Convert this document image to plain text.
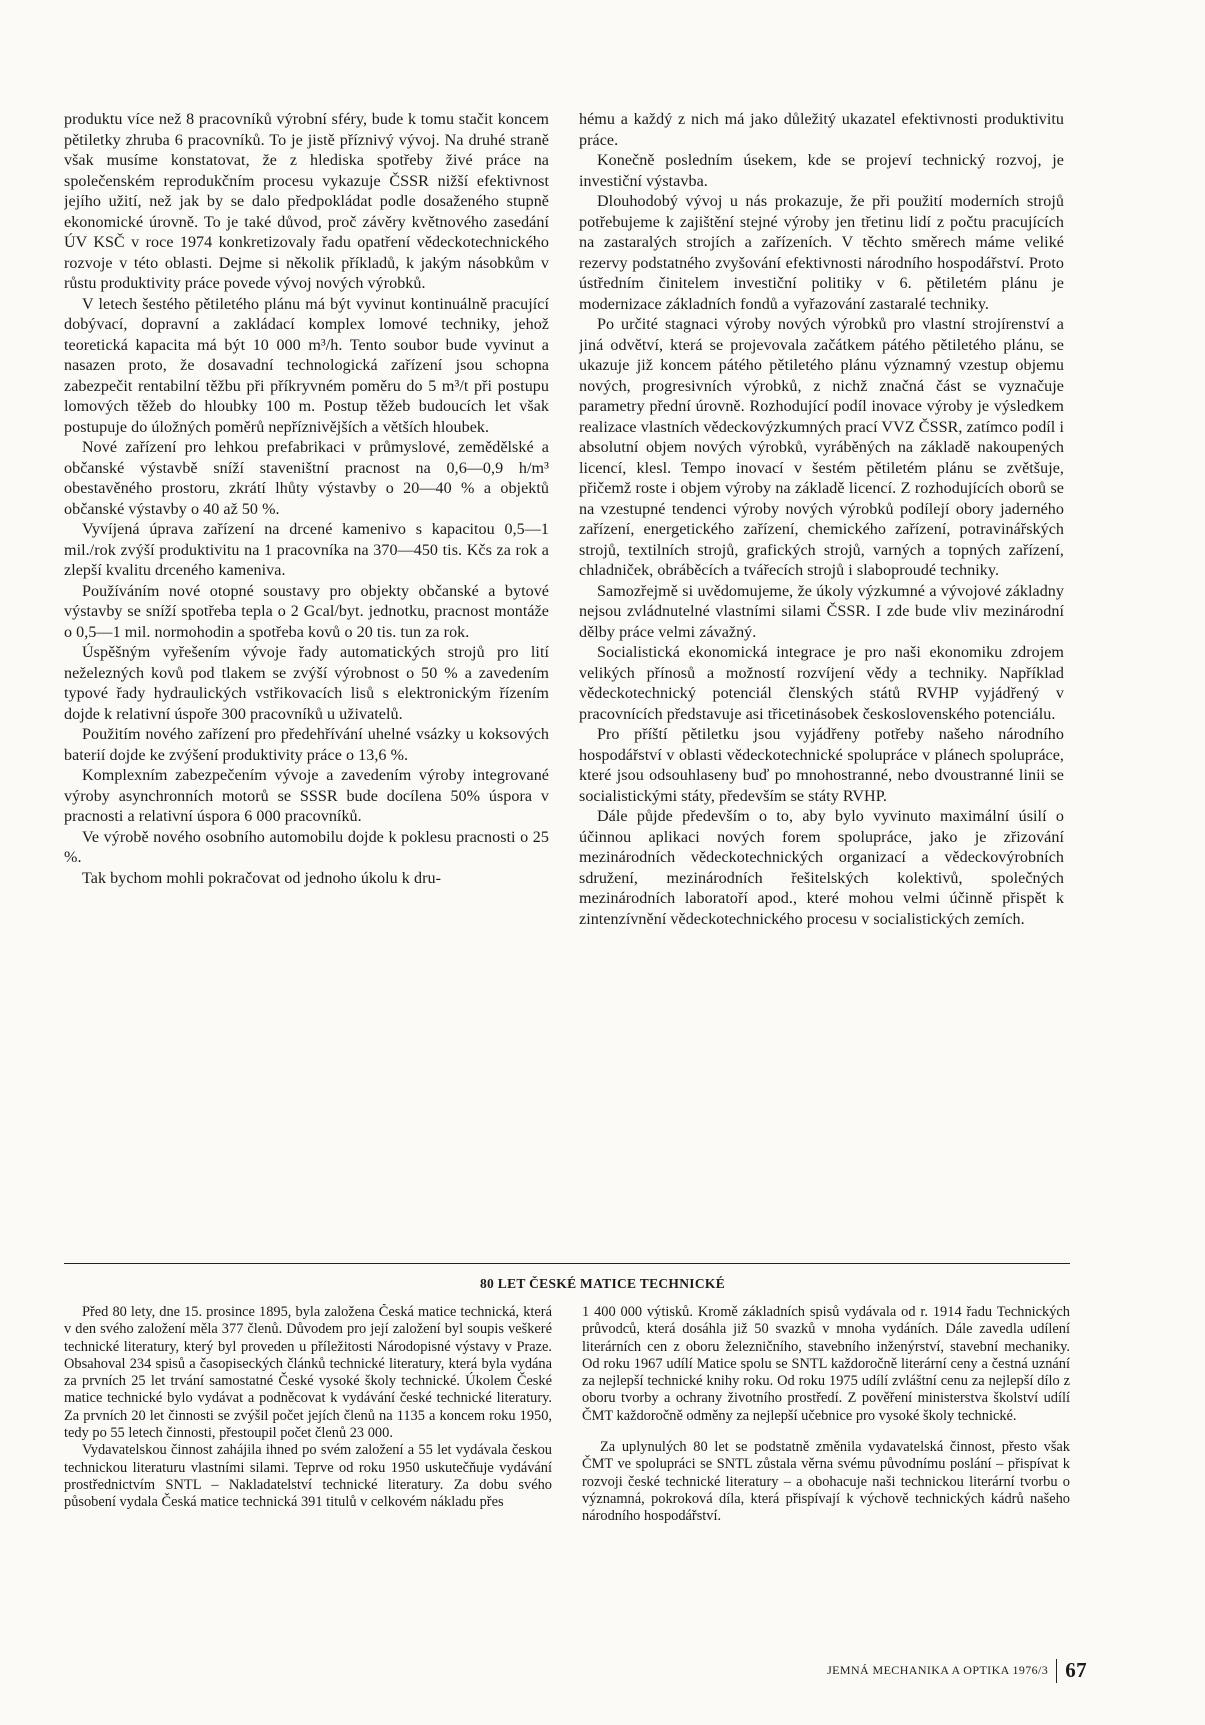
produktu více než 8 pracovníků výrobní sféry, bude k tomu stačit koncem pětiletky zhruba 6 pracovníků. To je jistě příznivý vývoj. Na druhé straně však musíme konstatovat, že z hlediska spotřeby živé práce na společenském reprodukčním procesu vykazuje ČSSR nižší efektivnost jejího užití, než jak by se dalo předpokládat podle dosaženého stupně ekonomické úrovně. To je také důvod, proč závěry květnového zasedání ÚV KSČ v roce 1974 konkretizovaly řadu opatření vědeckotechnického rozvoje v této oblasti. Dejme si několik příkladů, k jakým násobkům v růstu produktivity práce povede vývoj nových výrobků.

V letech šestého pětiletého plánu má být vyvinut kontinuálně pracující dobývací, dopravní a zakládací komplex lomové techniky, jehož teoretická kapacita má být 10 000 m³/h. Tento soubor bude vyvinut a nasazen proto, že dosavadní technologická zařízení jsou schopna zabezpečit rentabilní těžbu při příkryvném poměru do 5 m³/t při postupu lomových těžeb do hloubky 100 m. Postup těžeb budoucích let však postupuje do úložných poměrů nepříznivějších a větších hloubek.

Nové zařízení pro lehkou prefabrikaci v průmyslové, zemědělské a občanské výstavbě sníží staveništní pracnost na 0,6—0,9 h/m³ obestavěného prostoru, zkrátí lhůty výstavby o 20—40 % a objektů občanské výstavby o 40 až 50 %.

Vyvíjená úprava zařízení na drcené kamenivo s kapacitou 0,5—1 mil./rok zvýší produktivitu na 1 pracovníka na 370—450 tis. Kčs za rok a zlepší kvalitu drceného kameniva.

Používáním nové otopné soustavy pro objekty občanské a bytové výstavby se sníží spotřeba tepla o 2 Gcal/byt. jednotku, pracnost montáže o 0,5—1 mil. normohodin a spotřeba kovů o 20 tis. tun za rok.

Úspěšným vyřešením vývoje řady automatických strojů pro lití neželezných kovů pod tlakem se zvýší výrobnost o 50 % a zavedením typové řady hydraulických vstřikovacích lisů s elektronickým řízením dojde k relativní úspoře 300 pracovníků u uživatelů.

Použitím nového zařízení pro předehřívání uhelné vsázky u koksových baterií dojde ke zvýšení produktivity práce o 13,6 %.

Komplexním zabezpečením vývoje a zavedením výroby integrované výroby asynchronních motorů se SSSR bude docílena 50% úspora v pracnosti a relativní úspora 6 000 pracovníků.

Ve výrobě nového osobního automobilu dojde k poklesu pracnosti o 25 %.

Tak bychom mohli pokračovat od jednoho úkolu k dru-

hému a každý z nich má jako důležitý ukazatel efektivnosti produktivitu práce.

Konečně posledním úsekem, kde se projeví technický rozvoj, je investiční výstavba.

Dlouhodobý vývoj u nás prokazuje, že při použití moderních strojů potřebujeme k zajištění stejné výroby jen třetinu lidí z počtu pracujících na zastaralých strojích a zařízeních. V těchto směrech máme veliké rezervy podstatného zvyšování efektivnosti národního hospodářství. Proto ústředním činitelem investiční politiky v 6. pětiletém plánu je modernizace základních fondů a vyřazování zastaralé techniky.

Po určité stagnaci výroby nových výrobků pro vlastní strojírenství a jiná odvětví, která se projevovala začátkem pátého pětiletého plánu, se ukazuje již koncem pátého pětiletého plánu významný vzestup objemu nových, progresivních výrobků, z nichž značná část se vyznačuje parametry přední úrovně. Rozhodující podíl inovace výroby je výsledkem realizace vlastních vědeckovýzkumných prací VVZ ČSSR, zatímco podíl i absolutní objem nových výrobků, vyráběných na základě nakoupených licencí, klesl. Tempo inovací v šestém pětiletém plánu se zvětšuje, přičemž roste i objem výroby na základě licencí. Z rozhodujících oborů se na vzestupné tendenci výroby nových výrobků podílejí obory jaderného zařízení, energetického zařízení, chemického zařízení, potravinářských strojů, textilních strojů, grafických strojů, varných a topných zařízení, chladniček, obráběcích a tvářecích strojů i slaboproudé techniky.

Samozřejmě si uvědomujeme, že úkoly výzkumné a vývojové základny nejsou zvládnutelné vlastními silami ČSSR. I zde bude vliv mezinárodní dělby práce velmi závažný.

Socialistická ekonomická integrace je pro naši ekonomiku zdrojem velikých přínosů a možností rozvíjení vědy a techniky. Například vědeckotechnický potenciál členských států RVHP vyjádřený v pracovnících představuje asi třicetinásobek československého potenciálu.

Pro příští pětiletku jsou vyjádřeny potřeby našeho národního hospodářství v oblasti vědeckotechnické spolupráce v plánech spolupráce, které jsou odsouhlaseny buď po mnohostranné, nebo dvoustranné linii se socialistickými státy, především se státy RVHP.

Dále půjde především o to, aby bylo vyvinuto maximální úsilí o účinnou aplikaci nových forem spolupráce, jako je zřizování mezinárodních vědeckotechnických organizací a vědeckovýrobních sdružení, mezinárodních řešitelských kolektivů, společných mezinárodních laboratoří apod., které mohou velmi účinně přispět k zintenzívnění vědeckotechnického procesu v socialistických zemích.

80 LET ČESKÉ MATICE TECHNICKÉ

Před 80 lety, dne 15. prosince 1895, byla založena Česká matice technická, která v den svého založení měla 377 členů. Důvodem pro její založení byl soupis veškeré technické literatury, který byl proveden u příležitosti Národopisné výstavy v Praze. Obsahoval 234 spisů a časopiseckých článků technické literatury, která byla vydána za prvních 25 let trvání samostatné České vysoké školy technické. Úkolem České matice technické bylo vydávat a podněcovat k vydávání české technické literatury. Za prvních 20 let činnosti se zvýšil počet jejích členů na 1135 a koncem roku 1950, tedy po 55 letech činnosti, přestoupil počet členů 23 000.

Vydavatelskou činnost zahájila ihned po svém založení a 55 let vydávala českou technickou literaturu vlastními silami. Teprve od roku 1950 uskutečňuje vydávání prostřednictvím SNTL – Nakladatelství technické literatury. Za dobu svého působení vydala Česká matice technická 391 titulů v celkovém nákladu přes

1 400 000 výtisků. Kromě základních spisů vydávala od r. 1914 řadu Technických průvodců, která dosáhla již 50 svazků v mnoha vydáních. Dále zavedla udílení literárních cen z oboru železničního, stavebního inženýrství, stavební mechaniky. Od roku 1967 udílí Matice spolu se SNTL každoročně literární ceny a čestná uznání za nejlepší technické knihy roku. Od roku 1975 udílí zvláštní cenu za nejlepší dílo z oboru tvorby a ochrany životního prostředí. Z pověření ministerstva školství udílí ČMT každoročně odměny za nejlepší učebnice pro vysoké školy technické.

Za uplynulých 80 let se podstatně změnila vydavatelská činnost, přesto však ČMT ve spolupráci se SNTL zůstala věrna svému původnímu poslání – přispívat k rozvoji české technické literatury – a obohacuje naši technickou literární tvorbu o významná, pokroková díla, která přispívají k výchově technických kádrů našeho národního hospodářství.

JEMNÁ MECHANIKA A OPTIKA 1976/3 67
